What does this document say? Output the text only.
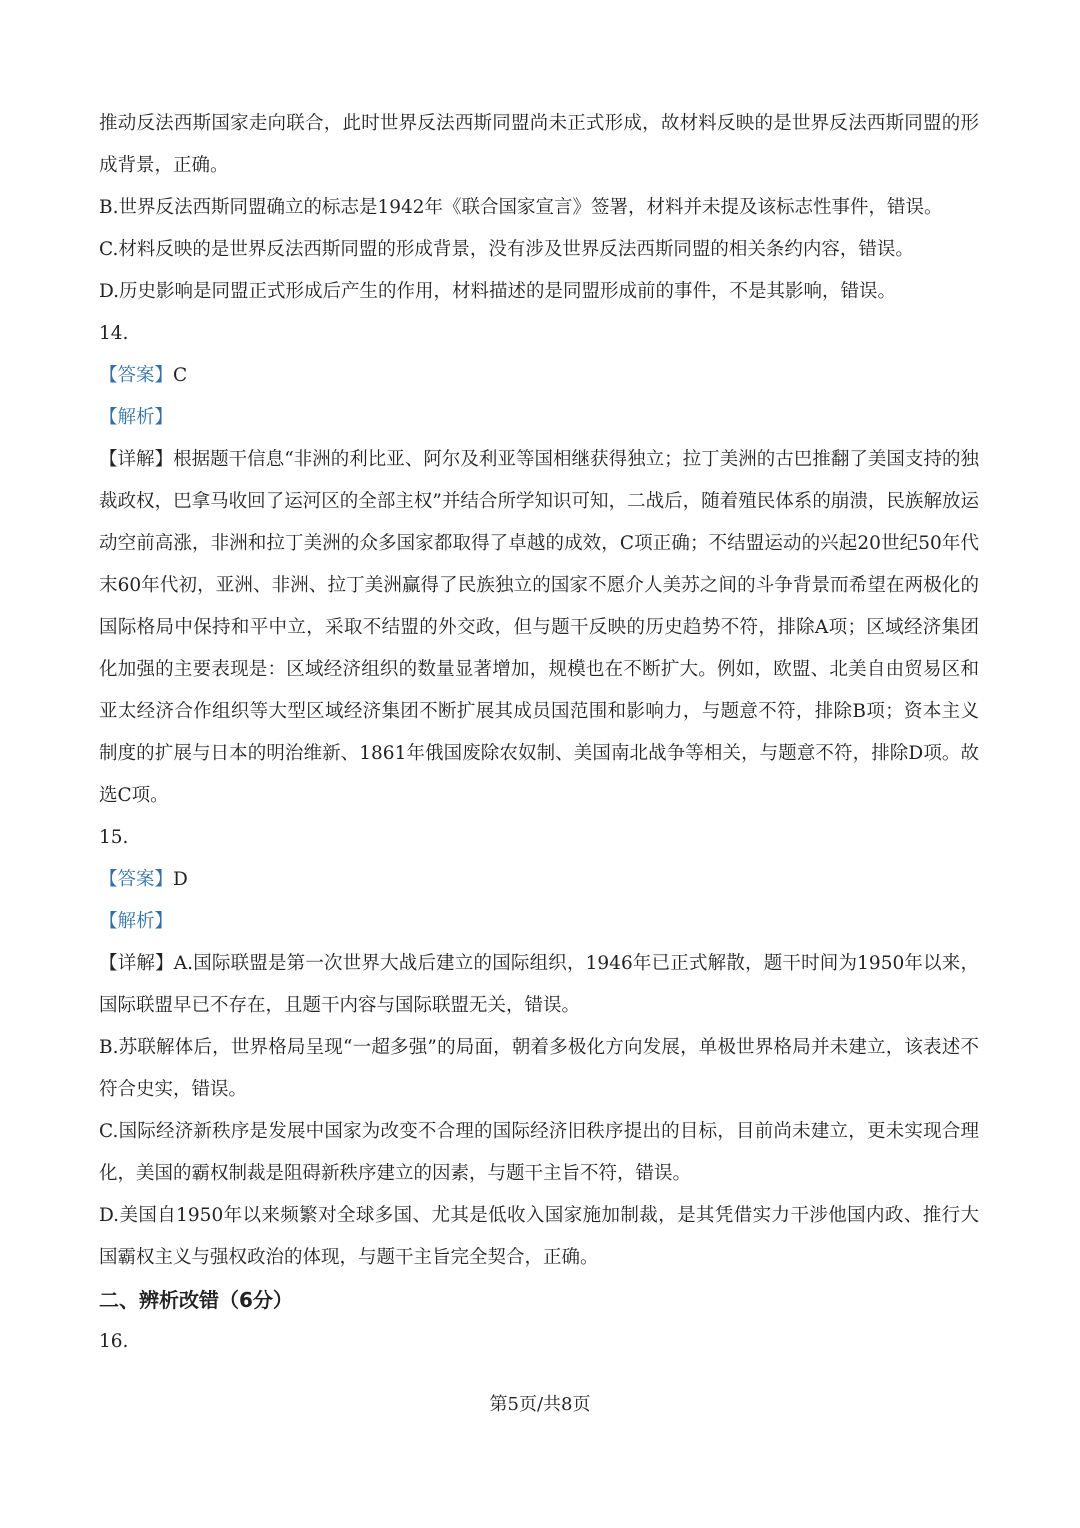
推动反法西斯国家走向联合，此时世界反法西斯同盟尚未正式形成，故材料反映的是世界反法西斯同盟的形成背景，正确。

B.世界反法西斯同盟确立的标志是1942年《联合国家宣言》签署，材料并未提及该标志性事件，错误。

C.材料反映的是世界反法西斯同盟的形成背景，没有涉及世界反法西斯同盟的相关条约内容，错误。

D.历史影响是同盟正式形成后产生的作用，材料描述的是同盟形成前的事件，不是其影响，错误。

14.

【答案】C

【解析】

【详解】根据题干信息“非洲的利比亚、阿尔及利亚等国相继获得独立；拉丁美洲的古巴推翻了美国支持的独裁政权，巴拿马收回了运河区的全部主权”并结合所学知识可知，二战后，随着殖民体系的崩溃，民族解放运动空前高涨，非洲和拉丁美洲的众多国家都取得了卓越的成效，C项正确；不结盟运动的兴起20世纪50年代末60年代初，亚洲、非洲、拉丁美洲赢得了民族独立的国家不愿介人美苏之间的斗争背景而希望在两极化的国际格局中保持和平中立，采取不结盟的外交政，但与题干反映的历史趋势不符，排除A项；区域经济集团化加强的主要表现是：区域经济组织的数量显著增加，规模也在不断扩大。例如，欧盟、北美自由贸易区和亚太经济合作组织等大型区域经济集团不断扩展其成员国范围和影响力，与题意不符，排除B项；资本主义制度的扩展与日本的明治维新、1861年俄国废除农奴制、美国南北战争等相关，与题意不符，排除D项。故选C项。

15.

【答案】D

【解析】

【详解】A.国际联盟是第一次世界大战后建立的国际组织，1946年已正式解散，题干时间为1950年以来，国际联盟早已不存在，且题干内容与国际联盟无关，错误。

B.苏联解体后，世界格局呈现“一超多强”的局面，朝着多极化方向发展，单极世界格局并未建立，该表述不符合史实，错误。

C.国际经济新秩序是发展中国家为改变不合理的国际经济旧秩序提出的目标，目前尚未建立，更未实现合理化，美国的霸权制裁是阻碍新秩序建立的因素，与题干主旨不符，错误。

D.美国自1950年以来频繁对全球多国、尤其是低收入国家施加制裁，是其凭借实力干涉他国内政、推行大国霸权主义与强权政治的体现，与题干主旨完全契合，正确。

二、辨析改错（6分）

16.

第5页/共8页
